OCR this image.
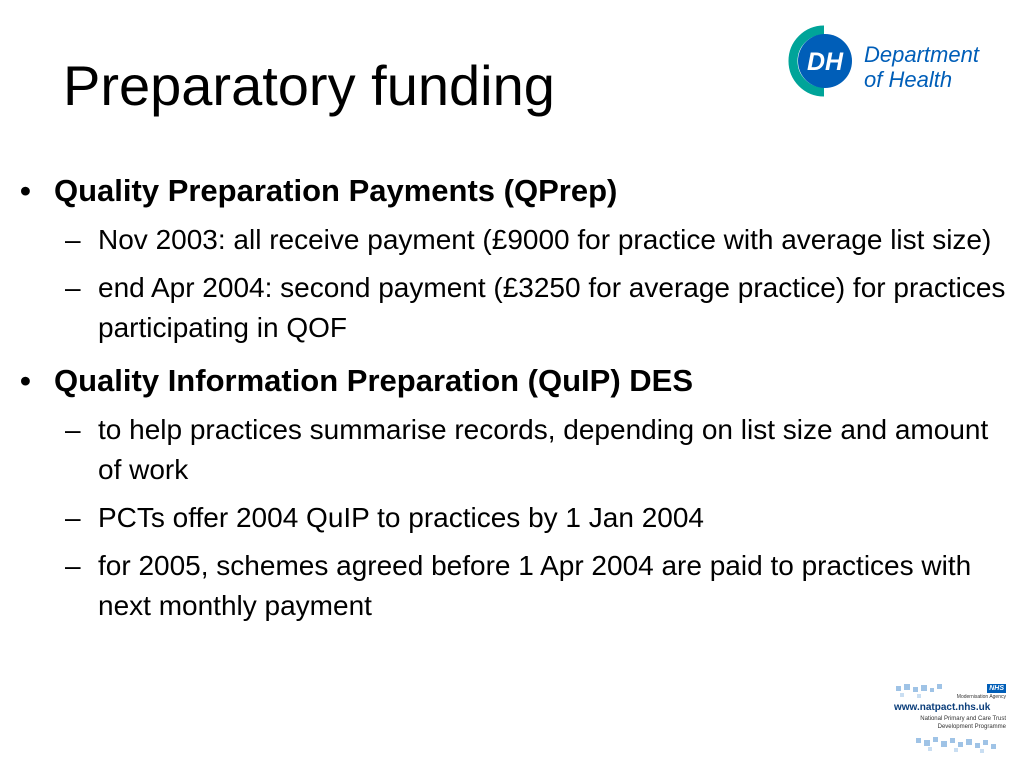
Preparatory funding	DH Department
of Health
• Quality Preparation Payments (QPrep)
– Nov 2003: all receive payment (£9000 for practice with average list size)
– end Apr 2004: second payment (£3250 for average practice) for practices participating in QOF
• Quality Information Preparation (QuIP) DES
– to help practices summarise records, depending on list size and amount of work
– PCTs offer 2004 QuIP to practices by 1 Jan 2004
– for 2005, schemes agreed before 1 Apr 2004 are paid to practices with next monthly payment
NHS
Modernisation Agency
www.natpact.nhs.uk
National Primary and Care Trust
Development Programme
